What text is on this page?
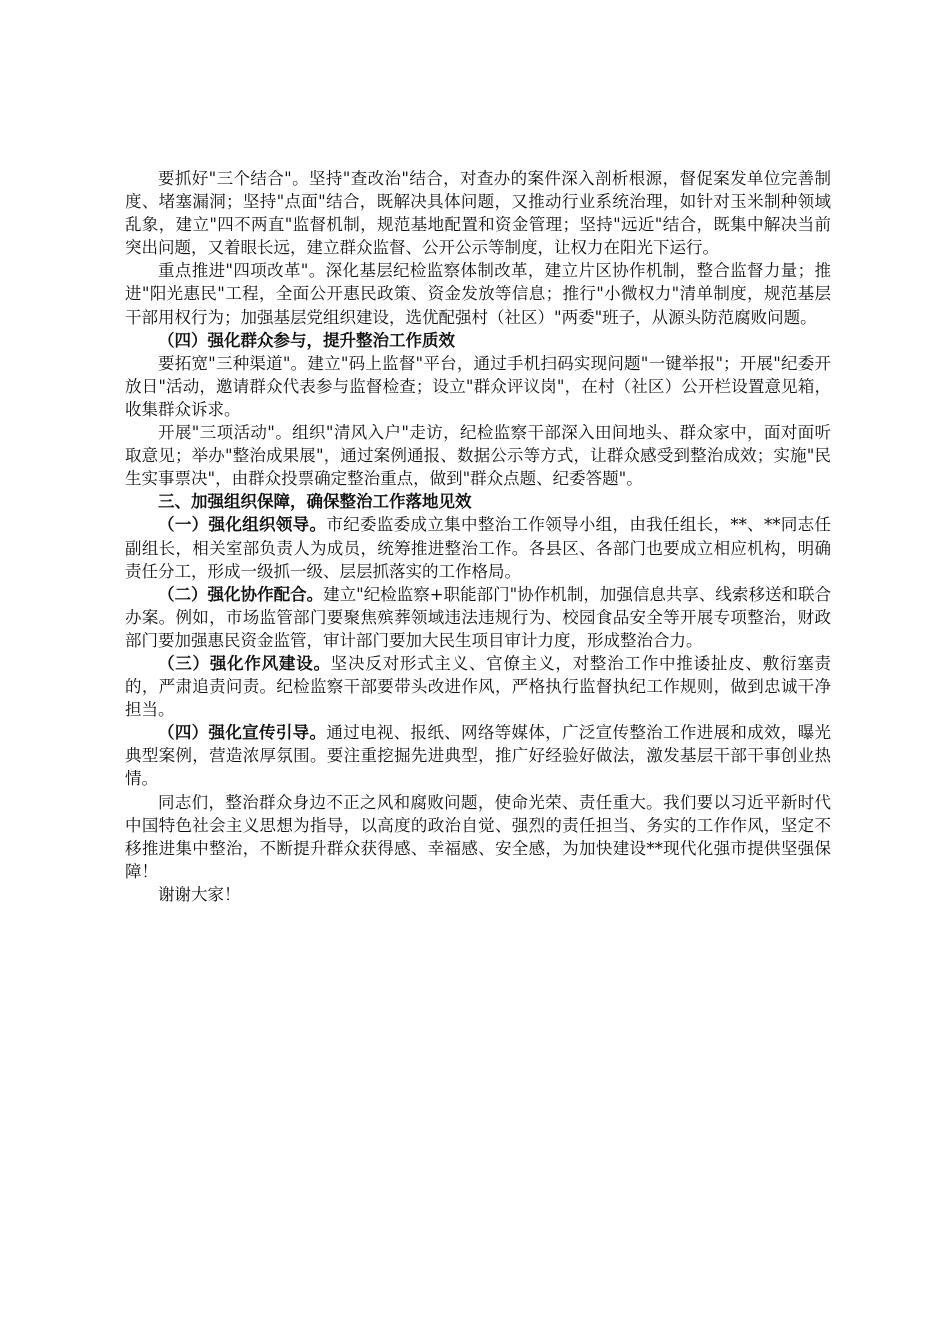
要抓好"三个结合"。坚持"查改治"结合，对查办的案件深入剖析根源，督促案发单位完善制度、堵塞漏洞；坚持"点面"结合，既解决具体问题，又推动行业系统治理，如针对玉米制种领域乱象，建立"四不两直"监督机制，规范基地配置和资金管理；坚持"远近"结合，既集中解决当前突出问题，又着眼长远，建立群众监督、公开公示等制度，让权力在阳光下运行。

重点推进"四项改革"。深化基层纪检监察体制改革，建立片区协作机制，整合监督力量；推进"阳光惠民"工程，全面公开惠民政策、资金发放等信息；推行"小微权力"清单制度，规范基层干部用权行为；加强基层党组织建设，选优配强村（社区）"两委"班子，从源头防范腐败问题。

（四）强化群众参与，提升整治工作质效

要拓宽"三种渠道"。建立"码上监督"平台，通过手机扫码实现问题"一键举报"；开展"纪委开放日"活动，邀请群众代表参与监督检查；设立"群众评议岗"，在村（社区）公开栏设置意见箱，收集群众诉求。

开展"三项活动"。组织"清风入户"走访，纪检监察干部深入田间地头、群众家中，面对面听取意见；举办"整治成果展"，通过案例通报、数据公示等方式，让群众感受到整治成效；实施"民生实事票决"，由群众投票确定整治重点，做到"群众点题、纪委答题"。

三、加强组织保障，确保整治工作落地见效

（一）强化组织领导。市纪委监委成立集中整治工作领导小组，由我任组长，**、**同志任副组长，相关室部负责人为成员，统筹推进整治工作。各县区、各部门也要成立相应机构，明确责任分工，形成一级抓一级、层层抓落实的工作格局。

（二）强化协作配合。建立"纪检监察+职能部门"协作机制，加强信息共享、线索移送和联合办案。例如，市场监管部门要聚焦殡葬领域违法违规行为、校园食品安全等开展专项整治，财政部门要加强惠民资金监管，审计部门要加大民生项目审计力度，形成整治合力。

（三）强化作风建设。坚决反对形式主义、官僚主义，对整治工作中推诿扯皮、敷衍塞责的，严肃追责问责。纪检监察干部要带头改进作风，严格执行监督执纪工作规则，做到忠诚干净担当。

（四）强化宣传引导。通过电视、报纸、网络等媒体，广泛宣传整治工作进展和成效，曝光典型案例，营造浓厚氛围。要注重挖掘先进典型，推广好经验好做法，激发基层干部干事创业热情。

同志们，整治群众身边不正之风和腐败问题，使命光荣、责任重大。我们要以习近平新时代中国特色社会主义思想为指导，以高度的政治自觉、强烈的责任担当、务实的工作作风，坚定不移推进集中整治，不断提升群众获得感、幸福感、安全感，为加快建设**现代化强市提供坚强保障！

谢谢大家！
